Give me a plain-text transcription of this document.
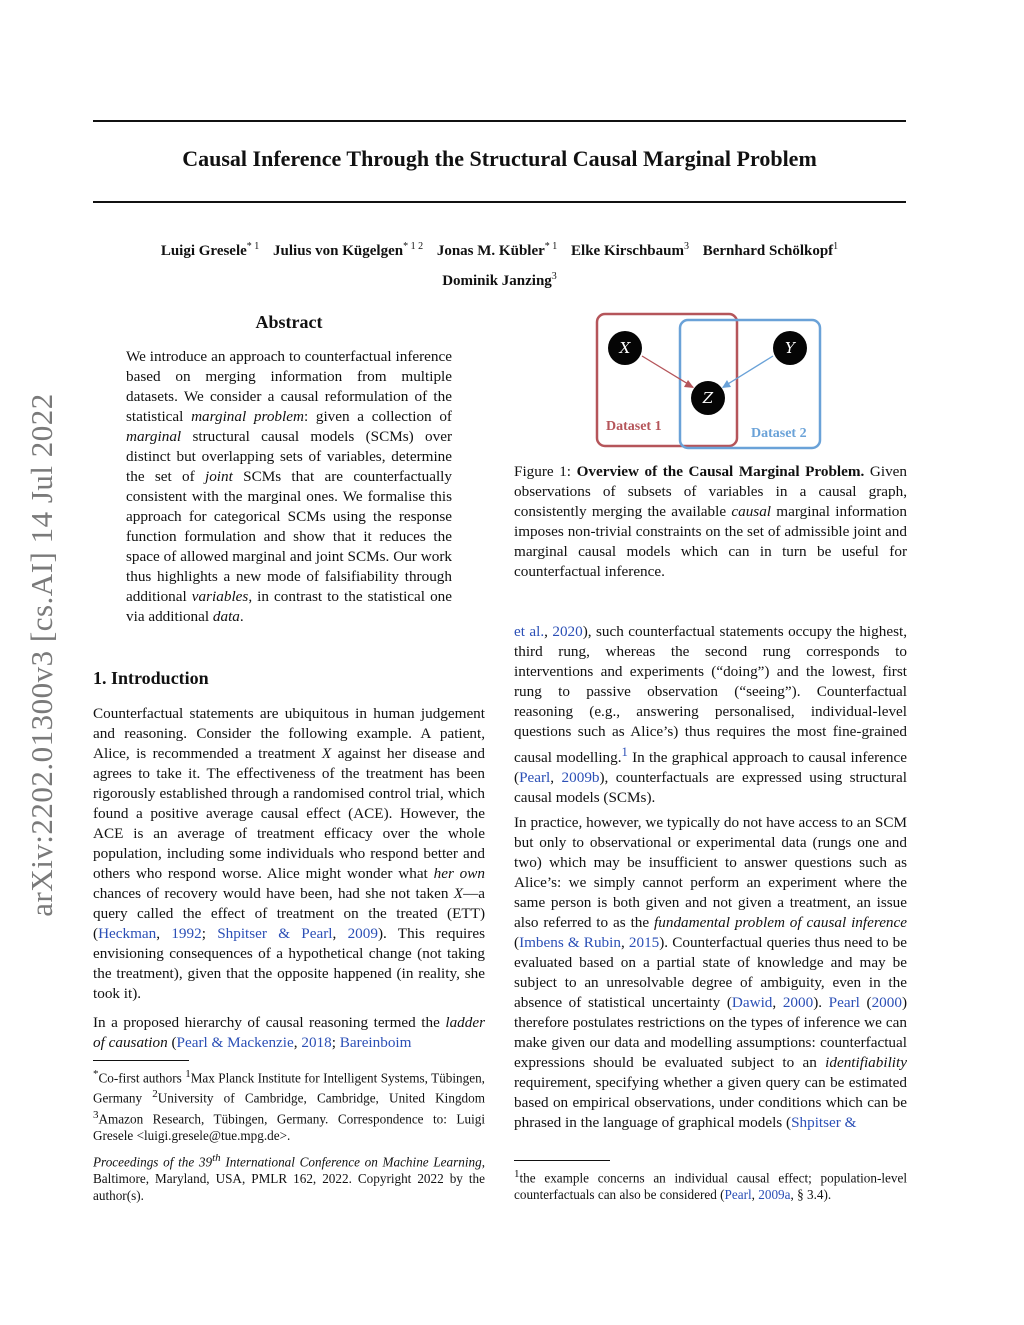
arXiv:2202.01300v3 [cs.AI] 14 Jul 2022
Causal Inference Through the Structural Causal Marginal Problem
Luigi Gresele$^{* 1}$ Julius von Kügelgen$^{* 1 2}$ Jonas M. Kübler$^{* 1}$ Elke Kirschbaum$^3$ Bernhard Schölkopf$^1$
Dominik Janzing$^3$
Abstract

We introduce an approach to counterfactual inference based on merging information from multiple datasets. We consider a causal reformulation of the statistical marginal problem: given a collection of marginal structural causal models (SCMs) over distinct but overlapping sets of variables, determine the set of joint SCMs that are counterfactually consistent with the marginal ones. We formalise this approach for categorical SCMs using the response function formulation and show that it reduces the space of allowed marginal and joint SCMs. Our work thus highlights a new mode of falsifiability through additional variables, in contrast to the statistical one via additional data.

1. Introduction

Counterfactual statements are ubiquitous in human judgement and reasoning. Consider the following example. A patient, Alice, is recommended a treatment X against her disease and agrees to take it. The effectiveness of the treatment has been rigorously established through a randomised control trial, which found a positive average causal effect (ACE). However, the ACE is an average of treatment efficacy over the whole population, including some individuals who respond better and others who respond worse. Alice might wonder what her own chances of recovery would have been, had she not taken X—a query called the effect of treatment on the treated (ETT) (Heckman, 1992; Shpitser & Pearl, 2009). This requires envisioning consequences of a hypothetical change (not taking the treatment), given that the opposite happened (in reality, she took it).

In a proposed hierarchy of causal reasoning termed the ladder of causation (Pearl & Mackenzie, 2018; Bareinboim

*Co-first authors $^1$Max Planck Institute for Intelligent Systems, Tübingen, Germany $^2$University of Cambridge, Cambridge, United Kingdom $^3$Amazon Research, Tübingen, Germany. Correspondence to: Luigi Gresele <luigi.gresele@tue.mpg.de>.

Proceedings of the 39th International Conference on Machine Learning, Baltimore, Maryland, USA, PMLR 162, 2022. Copyright 2022 by the author(s).

X	Y
Z
Dataset 1	Dataset 2

Figure 1: Overview of the Causal Marginal Problem. Given observations of subsets of variables in a causal graph, consistently merging the available causal marginal information imposes non-trivial constraints on the set of admissible joint and marginal causal models which can in turn be useful for counterfactual inference.

et al., 2020), such counterfactual statements occupy the highest, third rung, whereas the second rung corresponds to interventions and experiments (“doing”) and the lowest, first rung to passive observation (“seeing”). Counterfactual reasoning (e.g., answering personalised, individual-level questions such as Alice’s) thus requires the most fine-grained causal modelling.$^1$ In the graphical approach to causal inference (Pearl, 2009b), counterfactuals are expressed using structural causal models (SCMs).

In practice, however, we typically do not have access to an SCM but only to observational or experimental data (rungs one and two) which may be insufficient to answer questions such as Alice’s: we simply cannot perform an experiment where the same person is both given and not given a treatment, an issue also referred to as the fundamental problem of causal inference (Imbens & Rubin, 2015). Counterfactual queries thus need to be evaluated based on a partial state of knowledge and may be subject to an unresolvable degree of ambiguity, even in the absence of statistical uncertainty (Dawid, 2000). Pearl (2000) therefore postulates restrictions on the types of inference we can make given our data and modelling assumptions: counterfactual expressions should be evaluated subject to an identifiability requirement, specifying whether a given query can be estimated based on empirical observations, under conditions which can be phrased in the language of graphical models (Shpitser &

$^1$the example concerns an individual causal effect; population-level counterfactuals can also be considered (Pearl, 2009a, § 3.4).
